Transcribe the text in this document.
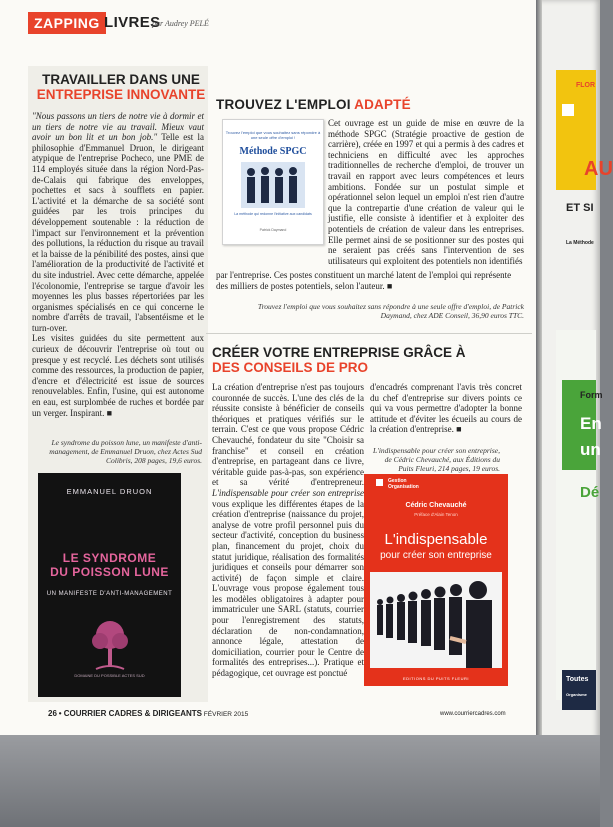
ZAPPING LIVRES
par Audrey PELÉ
TRAVAILLER DANS UNE
ENTREPRISE INNOVANTE

"Nous passons un tiers de notre vie à dormir et un tiers de notre vie au travail. Mieux vaut avoir un bon lit et un bon job." Telle est la philosophie d'Emmanuel Druon, le dirigeant atypique de l'entreprise Pocheco, une PME de 114 employés située dans la région Nord-Pas-de-Calais qui fabrique des enveloppes, pochettes et sacs à soufflets en papier. L'activité et la démarche de sa société sont guidées par les trois principes du développement soutenable : la réduction de l'impact sur l'environnement et la prévention des pollutions, la réduction du risque au travail et la baisse de la pénibilité des postes, ainsi que l'amélioration de la productivité de l'activité et du site industriel. Avec cette démarche, appelée l'écolonomie, l'entreprise se targue d'avoir les moyennes les plus basses répertoriées par les organismes spécialisés en ce qui concerne le nombre d'arrêts de travail, l'absentéisme et le turn-over.

Les visites guidées du site permettent aux curieux de découvrir l'entreprise où tout ou presque y est recyclé. Les déchets sont utilisés comme des ressources, la production de papier, d'encre et d'électricité est issue de sources renouvelables. Enfin, l'usine, qui est autonome en eau, est surplombée de ruches et bordée par un verger. Inspirant. ■

Le syndrome du poisson lune, un manifeste d'anti-management, de Emmanuel Druon, chez Actes Sud Colibris, 208 pages, 19,6 euros.
EMMANUEL DRUON
LE SYNDROME
DU POISSON LUNE
UN MANIFESTE D'ANTI-MANAGEMENT
DOMAINE DU POSSIBLE ACTES SUD
TROUVEZ L'EMPLOI ADAPTÉ
Trouvez l'emploi que vous souhaitez sans répondre à une seule offre d'emploi !
Méthode SPGC
La méthode qui redonne l'initiative aux candidats
Patrick Daymand
Cet ouvrage est un guide de mise en œuvre de la méthode SPGC (Stratégie proactive de gestion de carrière), créée en 1997 et qui a permis à des cadres et techniciens en difficulté avec les approches traditionnelles de recherche d'emploi, de trouver un travail en rapport avec leurs compétences et leurs ambitions. Fondée sur un postulat simple et opérationnel selon lequel un emploi n'est rien d'autre que la contrepartie d'une création de valeur qui le justifie, elle consiste à identifier et à exploiter des potentiels de création de valeur dans les entreprises. Elle permet ainsi de se positionner sur des postes qui ne seraient pas créés sans l'intervention de ses utilisateurs qui exploitent des potentiels non identifiés
par l'entreprise. Ces postes constituent un marché latent de l'emploi qui représente des milliers de postes potentiels, selon l'auteur. ■
Trouvez l'emploi que vous souhaitez sans répondre à une seule offre d'emploi, de Patrick Daymand, chez ADE Conseil, 36,90 euros TTC.
CRÉER VOTRE ENTREPRISE GRÂCE À
DES CONSEILS DE PRO
La création d'entreprise n'est pas toujours couronnée de succès. L'une des clés de la réussite consiste à bénéficier de conseils théoriques et pratiques vérifiés sur le terrain. C'est ce que vous propose Cédric Chevauché, fondateur du site "Choisir sa franchise" et conseil en création d'entreprise, en partageant dans ce livre, véritable guide pas-à-pas, son expérience et sa vérité d'entrepreneur. L'indispensable pour créer son entreprise vous explique les différentes étapes de la création d'entreprise (naissance du projet, analyse de votre profil personnel puis du secteur d'activité, conception du business plan, financement du projet, choix du statut juridique, réalisation des formalités juridiques et conseils pour démarrer son activité) de façon simple et claire. L'ouvrage vous propose également tous les modèles obligatoires à adapter pour immatriculer une SARL (statuts, courrier pour l'enregistrement des statuts, déclaration de non-condamnation, annonce légale, attestation de domiciliation, courrier pour le Centre de formalités des entreprises...). Pratique et pédagogique, cet ouvrage est ponctué
d'encadrés comprenant l'avis très concret du chef d'entreprise sur divers points ce qui va vous permettre d'adopter la bonne attitude et d'éviter les écueils au cours de la création d'entreprise. ■
L'indispensable pour créer son entreprise, de Cédric Chevauché, aux Éditions du Puits Fleuri, 214 pages, 19 euros.
Gestion
Organisation
Cédric Chevauché
Préface d'Alain Tenon
L'indispensable
pour créer son entreprise
EDITIONS DU PUITS FLEURI
26 • COURRIER CADRES & DIRIGEANTS FÉVRIER 2015	www.courriercadres.com
FLOR
AU
ET SI
La Méthode
Form
En
un
Dé
Toutes
Organisme
